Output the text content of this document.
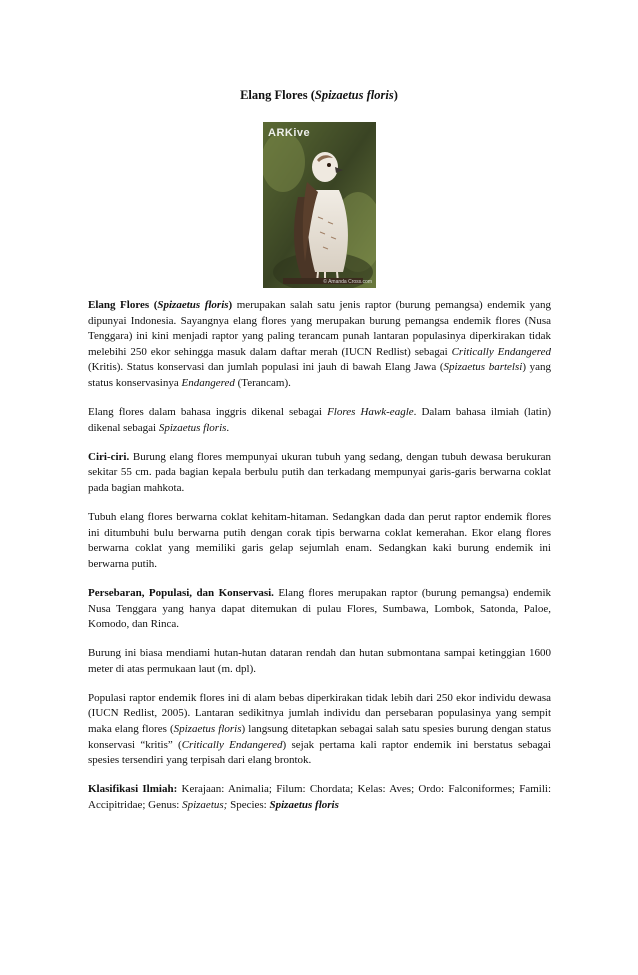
Elang Flores (Spizaetus floris)
ARKive
© Amanda Cross.com

Elang Flores (Spizaetus floris) merupakan salah satu jenis raptor (burung pemangsa) endemik yang dipunyai Indonesia. Sayangnya elang flores yang merupakan burung pemangsa endemik flores (Nusa Tenggara) ini kini menjadi raptor yang paling terancam punah lantaran populasinya diperkirakan tidak melebihi 250 ekor sehingga masuk dalam daftar merah (IUCN Redlist) sebagai Critically Endangered (Kritis). Status konservasi dan jumlah populasi ini jauh di bawah Elang Jawa (Spizaetus bartelsi) yang status konservasinya Endangered (Terancam).

Elang flores dalam bahasa inggris dikenal sebagai Flores Hawk-eagle. Dalam bahasa ilmiah (latin) dikenal sebagai Spizaetus floris.

Ciri-ciri. Burung elang flores mempunyai ukuran tubuh yang sedang, dengan tubuh dewasa berukuran sekitar 55 cm. pada bagian kepala berbulu putih dan terkadang mempunyai garis-garis berwarna coklat pada bagian mahkota.

Tubuh elang flores berwarna coklat kehitam-hitaman. Sedangkan dada dan perut raptor endemik flores ini ditumbuhi bulu berwarna putih dengan corak tipis berwarna coklat kemerahan. Ekor elang flores berwarna coklat yang memiliki garis gelap sejumlah enam. Sedangkan kaki burung endemik ini berwarna putih.

Persebaran, Populasi, dan Konservasi. Elang flores merupakan raptor (burung pemangsa) endemik Nusa Tenggara yang hanya dapat ditemukan di pulau Flores, Sumbawa, Lombok, Satonda, Paloe, Komodo, dan Rinca.

Burung ini biasa mendiami hutan-hutan dataran rendah dan hutan submontana sampai ketinggian 1600 meter di atas permukaan laut (m. dpl).

Populasi raptor endemik flores ini di alam bebas diperkirakan tidak lebih dari 250 ekor individu dewasa (IUCN Redlist, 2005). Lantaran sedikitnya jumlah individu dan persebaran populasinya yang sempit maka elang flores (Spizaetus floris) langsung ditetapkan sebagai salah satu spesies burung dengan status konservasi “kritis” (Critically Endangered) sejak pertama kali raptor endemik ini berstatus sebagai spesies tersendiri yang terpisah dari elang brontok.

Klasifikasi Ilmiah: Kerajaan: Animalia; Filum: Chordata; Kelas: Aves; Ordo: Falconiformes; Famili: Accipitridae; Genus: Spizaetus; Species: Spizaetus floris
